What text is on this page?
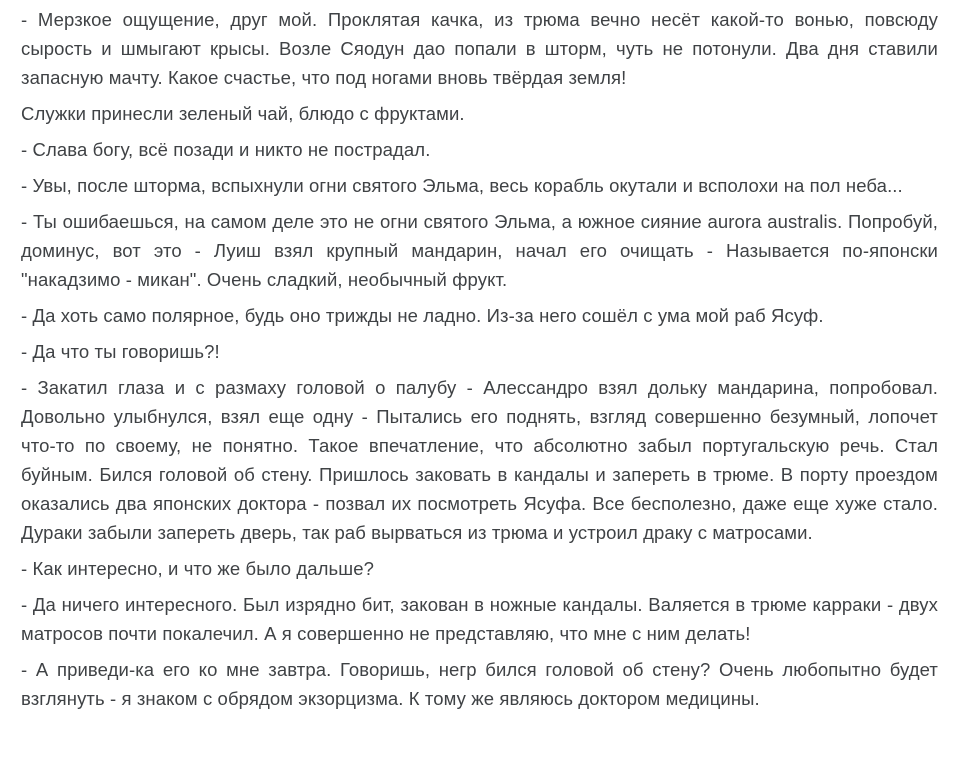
- Мерзкое ощущение, друг мой. Проклятая качка, из трюма вечно несёт какой-то вонью, повсюду сырость и шмыгают крысы. Возле Сяодун дао попали в шторм, чуть не потонули. Два дня ставили запасную мачту. Какое счастье, что под ногами вновь твёрдая земля!

Служки принесли зеленый чай, блюдо с фруктами.

- Слава богу, всё позади и никто не пострадал.

- Увы, после шторма, вспыхнули огни святого Эльма, весь корабль окутали и всполохи на пол неба...

- Ты ошибаешься, на самом деле это не огни святого Эльма, а южное сияние aurora australis. Попробуй, доминус, вот это - Луиш взял крупный мандарин, начал его очищать - Называется по-японски "накадзимо - микан". Очень сладкий, необычный фрукт.

- Да хоть само полярное, будь оно трижды не ладно. Из-за него сошёл с ума мой раб Ясуф.

- Да что ты говоришь?!

- Закатил глаза и с размаху головой о палубу - Алессандро взял дольку мандарина, попробовал. Довольно улыбнулся, взял еще одну - Пытались его поднять, взгляд совершенно безумный, лопочет что-то по своему, не понятно. Такое впечатление, что абсолютно забыл португальскую речь. Стал буйным. Бился головой об стену. Пришлось заковать в кандалы и запереть в трюме. В порту проездом оказались два японских доктора - позвал их посмотреть Ясуфа. Все бесполезно, даже еще хуже стало. Дураки забыли запереть дверь, так раб вырваться из трюма и устроил драку с матросами.

- Как интересно, и что же было дальше?

- Да ничего интересного. Был изрядно бит, закован в ножные кандалы. Валяется в трюме карраки - двух матросов почти покалечил. А я совершенно не представляю, что мне с ним делать!

- А приведи-ка его ко мне завтра. Говоришь, негр бился головой об стену? Очень любопытно будет взглянуть - я знаком с обрядом экзорцизма. К тому же являюсь доктором медицины.
